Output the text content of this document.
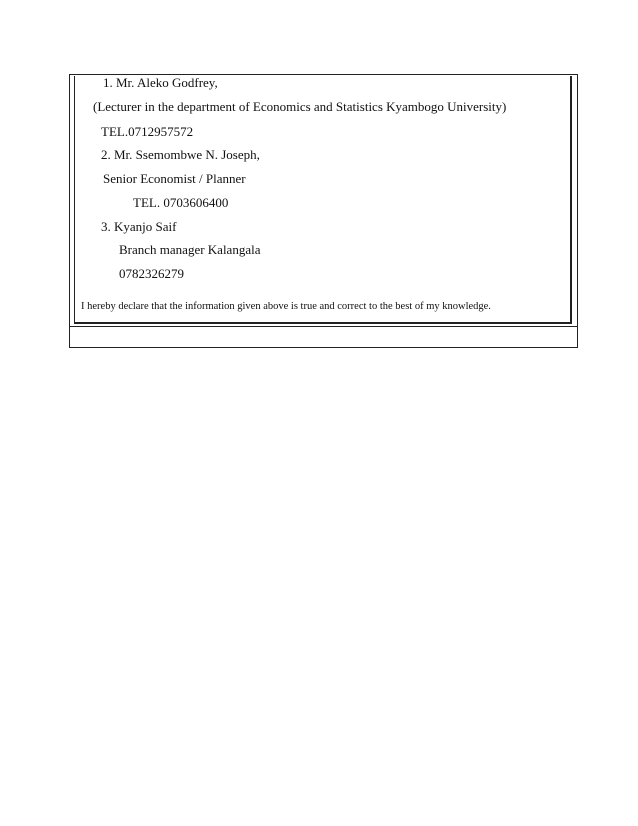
1. Mr. Aleko Godfrey,
(Lecturer in the department of Economics and Statistics Kyambogo University)
TEL.0712957572
2. Mr. Ssemombwe N. Joseph,
Senior Economist / Planner
TEL. 0703606400
3. Kyanjo Saif
Branch manager Kalangala
0782326279
I hereby declare that the information given above is true and correct to the best of my knowledge.
